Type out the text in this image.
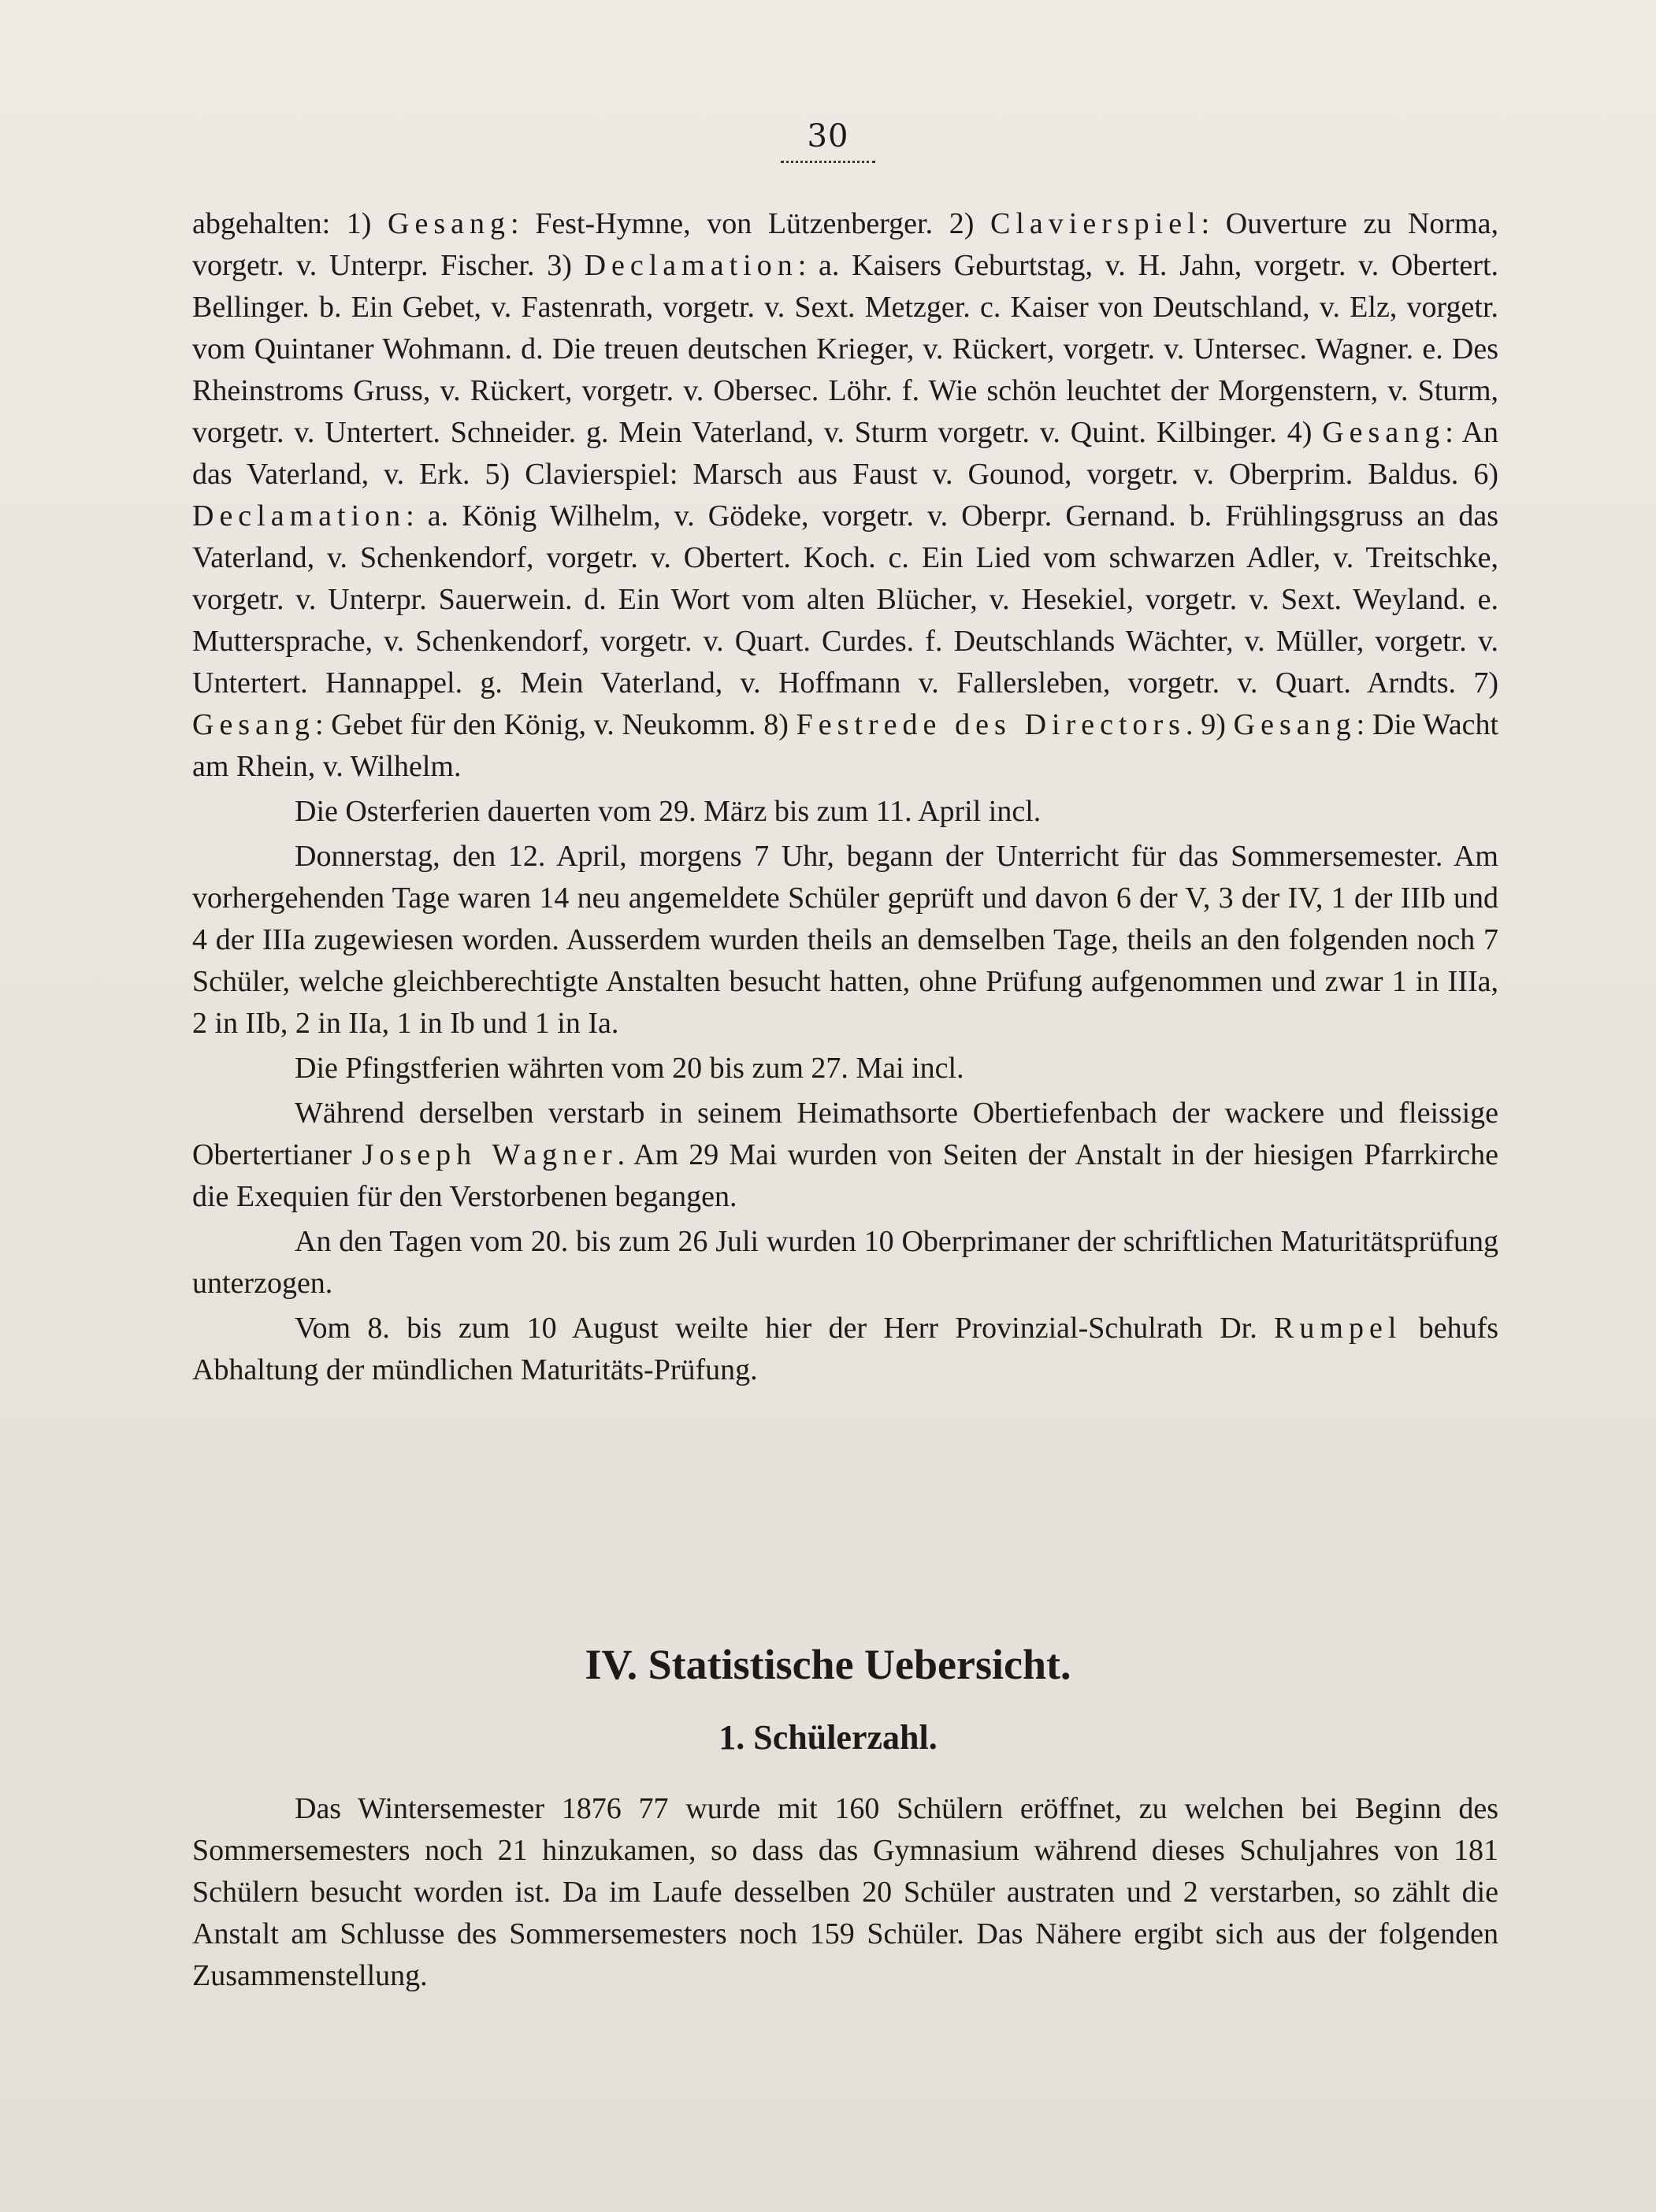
30

abgehalten: 1) Gesang: Fest-Hymne, von Lützenberger. 2) Clavierspiel: Ouverture zu Norma, vorgetr. v. Unterpr. Fischer. 3) Declamation: a. Kaisers Geburtstag, v. H. Jahn, vorgetr. v. Obertert. Bellinger. b. Ein Gebet, v. Fastenrath, vorgetr. v. Sext. Metzger. c. Kaiser von Deutschland, v. Elz, vorgetr. vom Quintaner Wohmann. d. Die treuen deutschen Krieger, v. Rückert, vorgetr. v. Untersec. Wagner. e. Des Rheinstroms Gruss, v. Rückert, vorgetr. v. Obersec. Löhr. f. Wie schön leuchtet der Morgenstern, v. Sturm, vorgetr. v. Untertert. Schneider. g. Mein Vaterland, v. Sturm vorgetr. v. Quint. Kilbinger. 4) Gesang: An das Vaterland, v. Erk. 5) Clavierspiel: Marsch aus Faust v. Gounod, vorgetr. v. Oberprim. Baldus. 6) Declamation: a. König Wilhelm, v. Gödeke, vorgetr. v. Oberpr. Gernand. b. Frühlingsgruss an das Vaterland, v. Schenkendorf, vorgetr. v. Obertert. Koch. c. Ein Lied vom schwarzen Adler, v. Treitschke, vorgetr. v. Unterpr. Sauerwein. d. Ein Wort vom alten Blücher, v. Hesekiel, vorgetr. v. Sext. Weyland. e. Muttersprache, v. Schenkendorf, vorgetr. v. Quart. Curdes. f. Deutschlands Wächter, v. Müller, vorgetr. v. Untertert. Hannappel. g. Mein Vaterland, v. Hoffmann v. Fallersleben, vorgetr. v. Quart. Arndts. 7) Gesang: Gebet für den König, v. Neukomm. 8) Festrede des Directors. 9) Gesang: Die Wacht am Rhein, v. Wilhelm.

Die Osterferien dauerten vom 29. März bis zum 11. April incl.

Donnerstag, den 12. April, morgens 7 Uhr, begann der Unterricht für das Sommersemester. Am vorhergehenden Tage waren 14 neu angemeldete Schüler geprüft und davon 6 der V, 3 der IV, 1 der IIIb und 4 der IIIa zugewiesen worden. Ausserdem wurden theils an demselben Tage, theils an den folgenden noch 7 Schüler, welche gleichberechtigte Anstalten besucht hatten, ohne Prüfung aufgenommen und zwar 1 in IIIa, 2 in IIb, 2 in IIa, 1 in Ib und 1 in Ia.

Die Pfingstferien währten vom 20 bis zum 27. Mai incl.

Während derselben verstarb in seinem Heimathsorte Obertiefenbach der wackere und fleissige Obertertianer Joseph Wagner. Am 29 Mai wurden von Seiten der Anstalt in der hiesigen Pfarrkirche die Exequien für den Verstorbenen begangen.

An den Tagen vom 20. bis zum 26 Juli wurden 10 Oberprimaner der schriftlichen Maturitätsprüfung unterzogen.

Vom 8. bis zum 10 August weilte hier der Herr Provinzial-Schulrath Dr. Rumpel behufs Abhaltung der mündlichen Maturitäts-Prüfung.

IV. Statistische Uebersicht.
1. Schülerzahl.

Das Wintersemester 1876 77 wurde mit 160 Schülern eröffnet, zu welchen bei Beginn des Sommersemesters noch 21 hinzukamen, so dass das Gymnasium während dieses Schuljahres von 181 Schülern besucht worden ist. Da im Laufe desselben 20 Schüler austraten und 2 verstarben, so zählt die Anstalt am Schlusse des Sommersemesters noch 159 Schüler. Das Nähere ergibt sich aus der folgenden Zusammenstellung.
